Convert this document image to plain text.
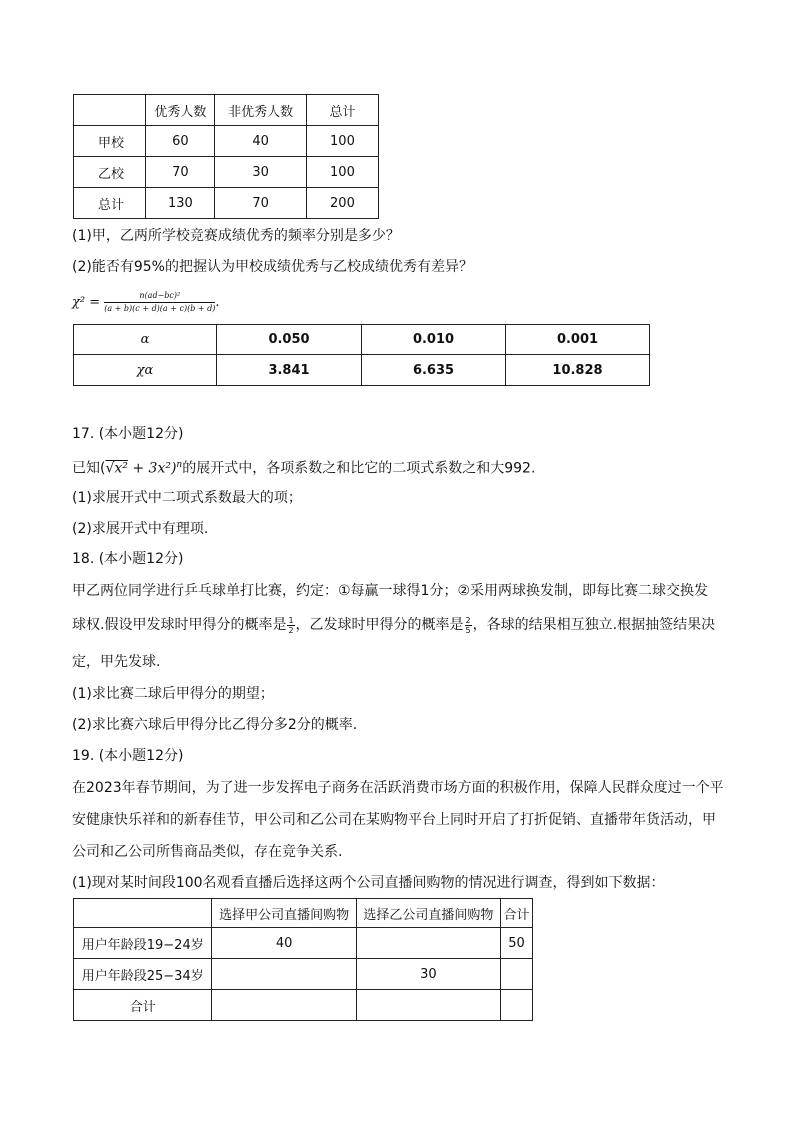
	优秀人数	非优秀人数	总计
甲校	60	40	100
乙校	70	30	100
总计	130	70	200
(1)甲，乙两所学校竞赛成绩优秀的频率分别是多少？
(2)能否有95%的把握认为甲校成绩优秀与乙校成绩优秀有差异？
$\chi^2 = \frac{\text{n(ad−bc)²}}{(a + b)(c + d)(a + c)(b + d)}$ .
α	0.050	0.010	0.001
χα	3.841	6.635	10.828
17. (本小题12分)
已知$(√x^2 + 3x^2)^n$的展开式中，各项系数之和比它的二项式系数之和大992.
(1)求展开式中二项式系数最大的项；
(2)求展开式中有理项.
18. (本小题12分)
甲乙两位同学进行乒乓球单打比赛，约定：①每赢一球得1分；②采用两球换发制，即每比赛二球交换发
球权.假设甲发球时甲得分的概率是 $\frac{1}{2}$ ，乙发球时甲得分的概率是 $\frac{2}{5}$ ，各球的结果相互独立.根据抽签结果决
定，甲先发球.
(1)求比赛二球后甲得分的期望；
(2)求比赛六球后甲得分比乙得分多2分的概率.
19. (本小题12分)
在2023年春节期间，为了进一步发挥电子商务在活跃消费市场方面的积极作用，保障人民群众度过一个平
安健康快乐祥和的新春佳节，甲公司和乙公司在某购物平台上同时开启了打折促销、直播带年货活动，甲
公司和乙公司所售商品类似，存在竞争关系.
(1)现对某时间段100名观看直播后选择这两个公司直播间购物的情况进行调查，得到如下数据：
	选择甲公司直播间购物	选择乙公司直播间购物	合计
用户年龄段19−24岁	40		50
用户年龄段25−34岁		30	
合计			
